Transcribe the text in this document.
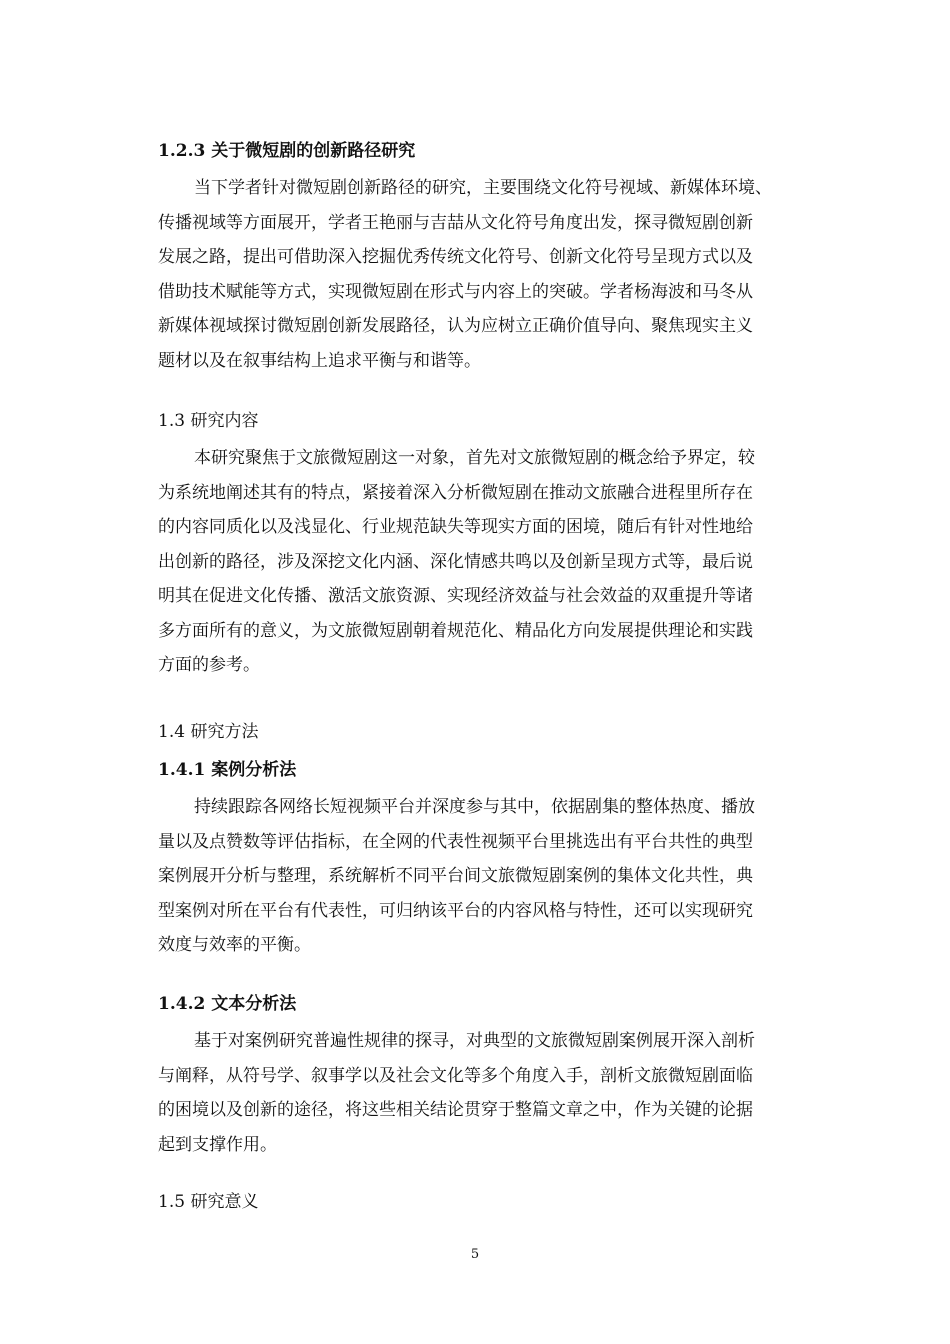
1.2.3 关于微短剧的创新路径研究
当下学者针对微短剧创新路径的研究，主要围绕文化符号视域、新媒体环境、
传播视域等方面展开，学者王艳丽与吉喆从文化符号角度出发，探寻微短剧创新
发展之路，提出可借助深入挖掘优秀传统文化符号、创新文化符号呈现方式以及
借助技术赋能等方式，实现微短剧在形式与内容上的突破。学者杨海波和马冬从
新媒体视域探讨微短剧创新发展路径，认为应树立正确价值导向、聚焦现实主义
题材以及在叙事结构上追求平衡与和谐等。
1.3 研究内容
本研究聚焦于文旅微短剧这一对象，首先对文旅微短剧的概念给予界定，较
为系统地阐述其有的特点，紧接着深入分析微短剧在推动文旅融合进程里所存在
的内容同质化以及浅显化、行业规范缺失等现实方面的困境，随后有针对性地给
出创新的路径，涉及深挖文化内涵、深化情感共鸣以及创新呈现方式等，最后说
明其在促进文化传播、激活文旅资源、实现经济效益与社会效益的双重提升等诸
多方面所有的意义，为文旅微短剧朝着规范化、精品化方向发展提供理论和实践
方面的参考。
1.4 研究方法
1.4.1 案例分析法
持续跟踪各网络长短视频平台并深度参与其中，依据剧集的整体热度、播放
量以及点赞数等评估指标，在全网的代表性视频平台里挑选出有平台共性的典型
案例展开分析与整理，系统解析不同平台间文旅微短剧案例的集体文化共性，典
型案例对所在平台有代表性，可归纳该平台的内容风格与特性，还可以实现研究
效度与效率的平衡。
1.4.2 文本分析法
基于对案例研究普遍性规律的探寻，对典型的文旅微短剧案例展开深入剖析
与阐释，从符号学、叙事学以及社会文化等多个角度入手，剖析文旅微短剧面临
的困境以及创新的途径，将这些相关结论贯穿于整篇文章之中，作为关键的论据
起到支撑作用。
1.5 研究意义
5
